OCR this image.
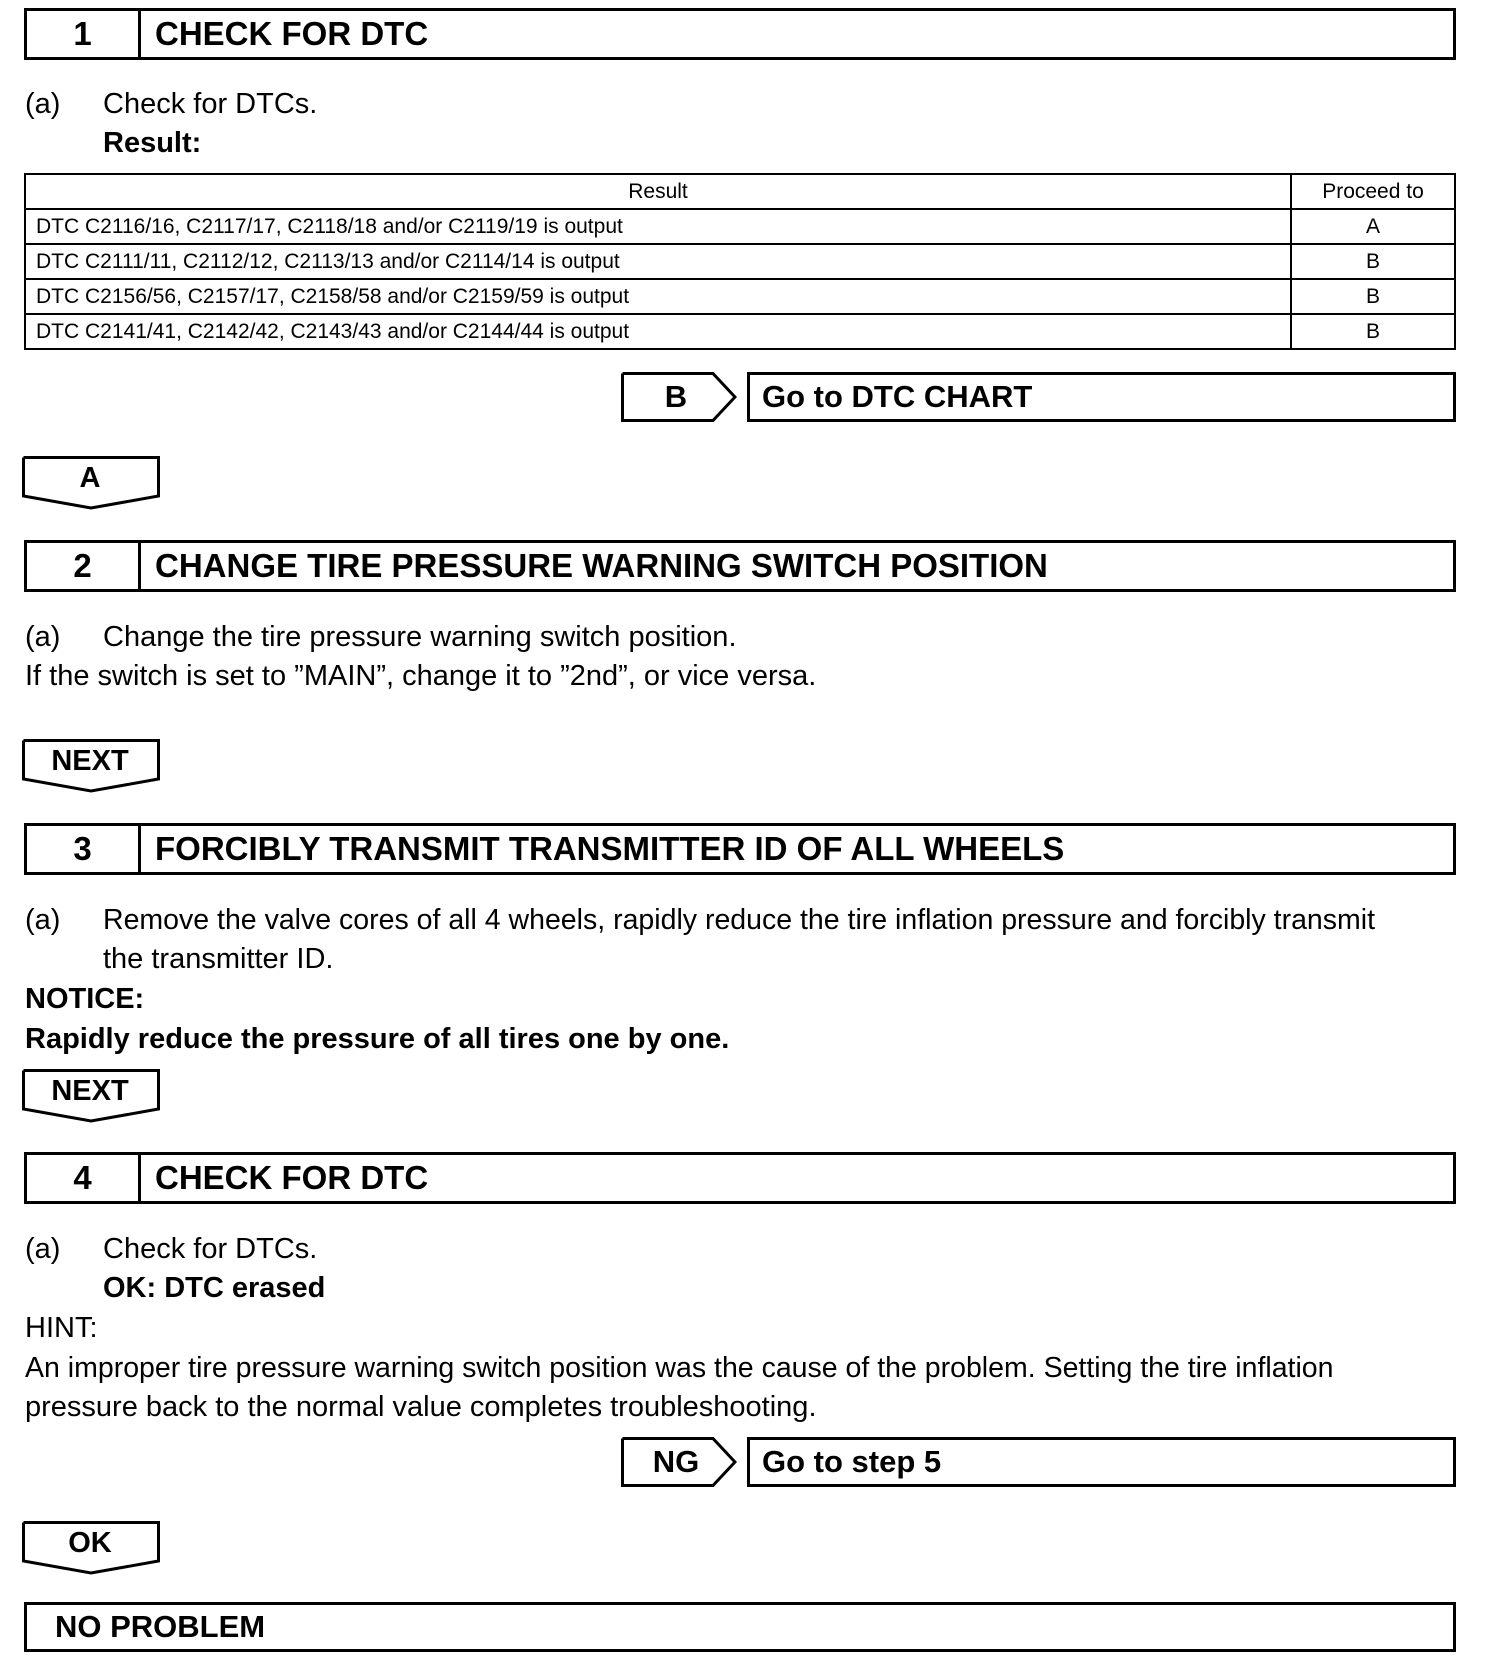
1	CHECK FOR DTC
(a) Check for DTCs.
Result:
Result	Proceed to
DTC C2116/16, C2117/17, C2118/18 and/or C2119/19 is output	A
DTC C2111/11, C2112/12, C2113/13 and/or C2114/14 is output	B
DTC C2156/56, C2157/17, C2158/58 and/or C2159/59 is output	B
DTC C2141/41, C2142/42, C2143/43 and/or C2144/44 is output	B
B	Go to DTC CHART
A
2	CHANGE TIRE PRESSURE WARNING SWITCH POSITION
(a) Change the tire pressure warning switch position.
If the switch is set to ”MAIN”, change it to ”2nd”, or vice versa.
NEXT
3	FORCIBLY TRANSMIT TRANSMITTER ID OF ALL WHEELS
(a) Remove the valve cores of all 4 wheels, rapidly reduce the tire inflation pressure and forcibly transmit
the transmitter ID.
NOTICE:
Rapidly reduce the pressure of all tires one by one.
NEXT
4	CHECK FOR DTC
(a) Check for DTCs.
OK: DTC erased
HINT:
An improper tire pressure warning switch position was the cause of the problem. Setting the tire inflation
pressure back to the normal value completes troubleshooting.
NG	Go to step 5
OK
NO PROBLEM
